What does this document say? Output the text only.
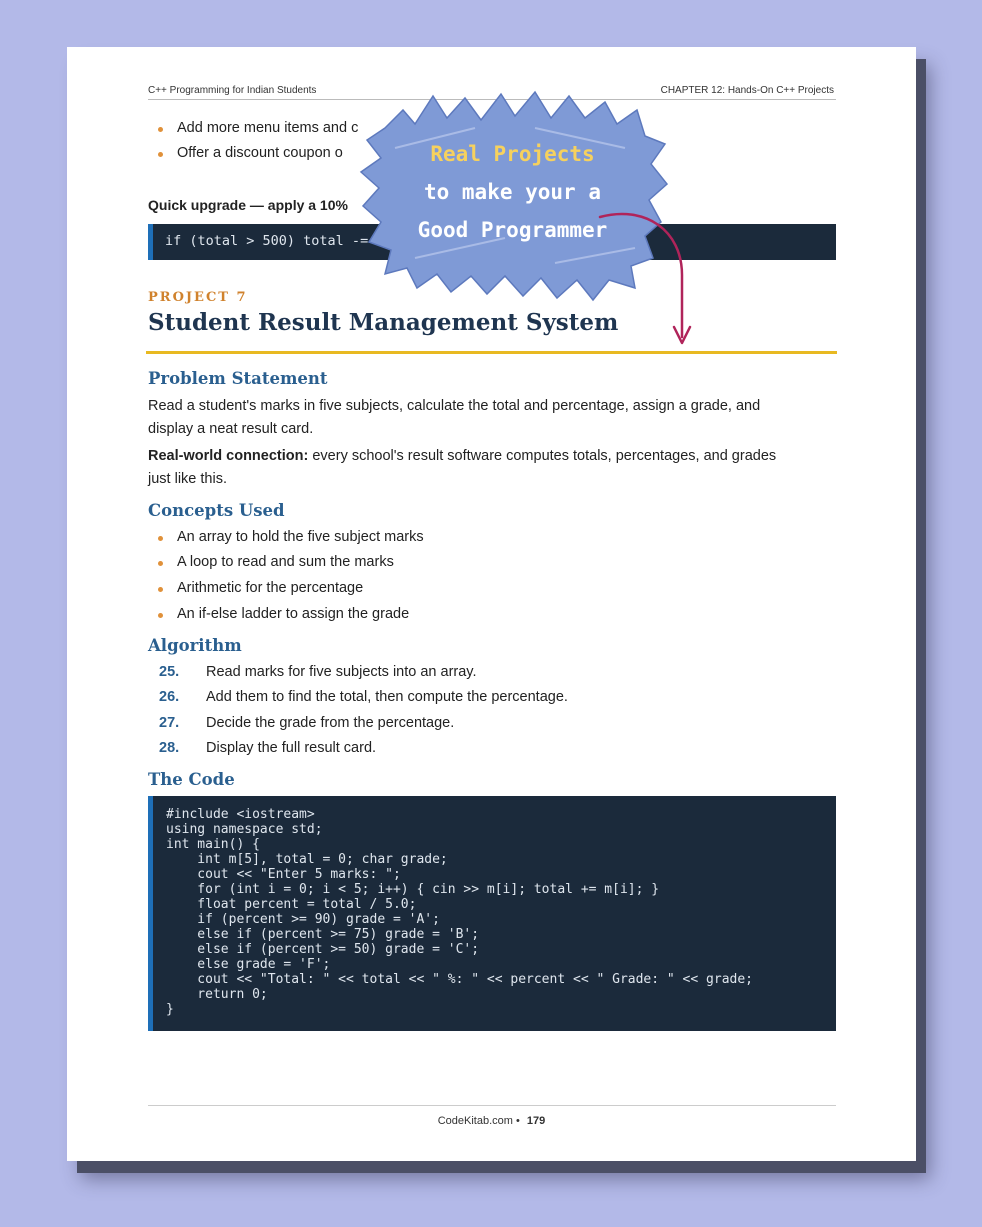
C++ Programming for Indian Students	CHAPTER 12: Hands-On C++ Projects
Add more menu items and c
Offer a discount coupon o
Quick upgrade — apply a 10%
if (total > 500) total -=
PROJECT 7
Student Result Management System
Problem Statement
Read a student's marks in five subjects, calculate the total and percentage, assign a grade, and
display a neat result card.
Real-world connection: every school's result software computes totals, percentages, and grades
just like this.
Concepts Used
An array to hold the five subject marks
A loop to read and sum the marks
Arithmetic for the percentage
An if-else ladder to assign the grade
Algorithm
25. Read marks for five subjects into an array.
26. Add them to find the total, then compute the percentage.
27. Decide the grade from the percentage.
28. Display the full result card.
The Code
#include <iostream>
using namespace std;
int main() {
int m[5], total = 0; char grade;
cout << "Enter 5 marks: ";
for (int i = 0; i < 5; i++) { cin >> m[i]; total += m[i]; }
float percent = total / 5.0;
if (percent >= 90) grade = 'A';
else if (percent >= 75) grade = 'B';
else if (percent >= 50) grade = 'C';
else grade = 'F';
cout << "Total: " << total << " %: " << percent << " Grade: " << grade;
return 0;
}
CodeKitab.com • 179
Real Projects
to make your a
Good Programmer
